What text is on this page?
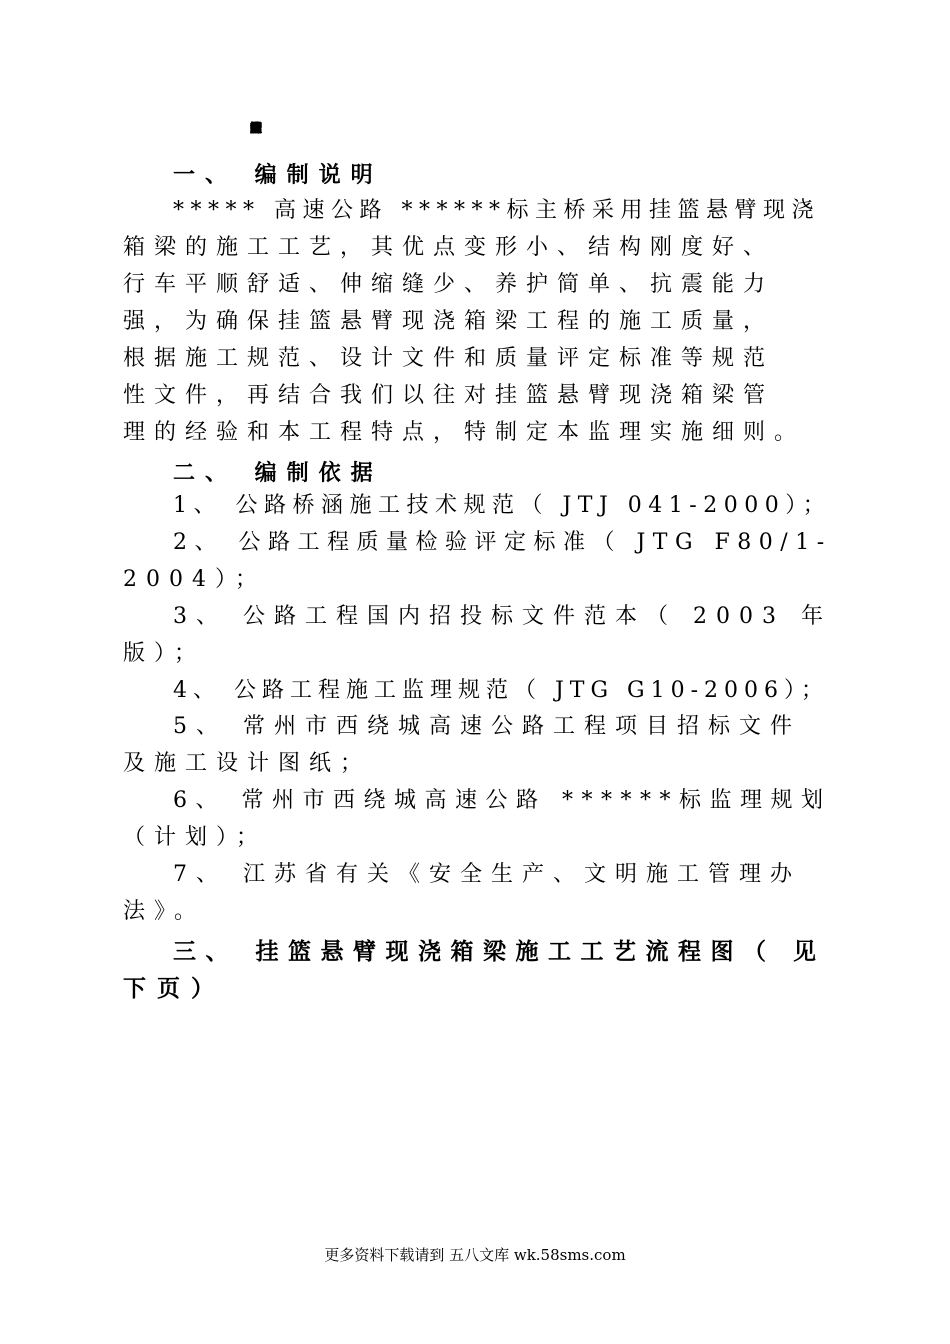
挂篮悬臂浇筑箱梁监理实施细则
一、 编制说明
***** 高速公路 ******标主桥采用挂篮悬臂现浇
箱梁的施工工艺，其优点变形小、结构刚度好、
行车平顺舒适、伸缩缝少、养护简单、抗震能力
强，为确保挂篮悬臂现浇箱梁工程的施工质量，
根据施工规范、设计文件和质量评定标准等规范
性文件，再结合我们以往对挂篮悬臂现浇箱梁管
理的经验和本工程特点，特制定本监理实施细则。
二、 编制依据
1、 公路桥涵施工技术规范（ JTJ 041-2000）；
2、 公路工程质量检验评定标准（ JTG F80/1-
2004）；
3、 公路工程国内招投标文件范本（ 2003 年
版）；
4、 公路工程施工监理规范（ JTG G10-2006）；
5、 常州市西绕城高速公路工程项目招标文件
及施工设计图纸；
6、 常州市西绕城高速公路 ******标监理规划
（计划）；
7、 江苏省有关《安全生产、文明施工管理办
法》。
三、 挂篮悬臂现浇箱梁施工工艺流程图（ 见
下页）
更多资料下载请到 五八文库 wk.58sms.com
